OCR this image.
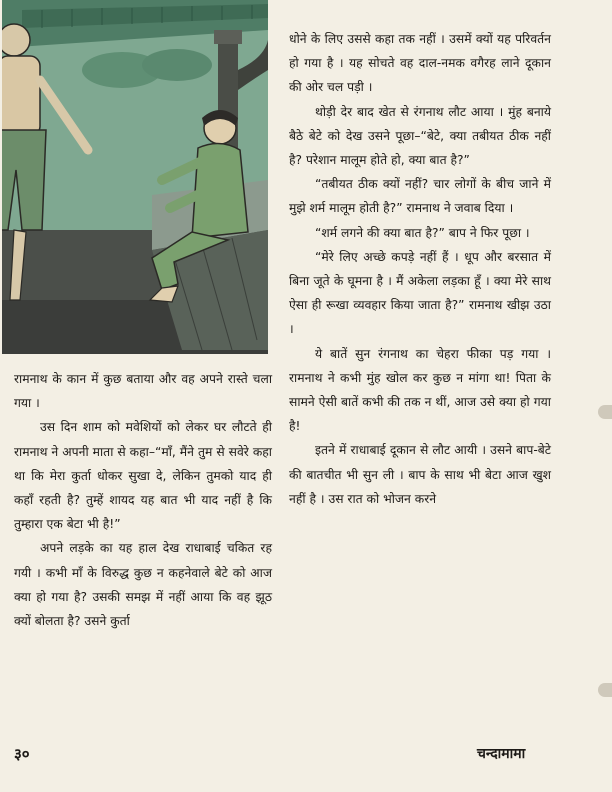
रामनाथ के कान में कुछ बताया और वह अपने रास्ते चला गया ।

उस दिन शाम को मवेशियों को लेकर घर लौटते ही रामनाथ ने अपनी माता से कहा–“माँ, मैंने तुम से सवेरे कहा था कि मेरा कुर्ता धोकर सुखा दे, लेकिन तुमको याद ही कहाँ रहती है? तुम्हें शायद यह बात भी याद नहीं है कि तुम्हारा एक बेटा भी है!”

अपने लड़के का यह हाल देख राधाबाई चकित रह गयी । कभी माँ के विरुद्ध कुछ न कहनेवाले बेटे को आज क्या हो गया है? उसकी समझ में नहीं आया कि वह झूठ क्यों बोलता है? उसने कुर्ता

धोने के लिए उससे कहा तक नहीं । उसमें क्यों यह परिवर्तन हो गया है । यह सोचते वह दाल-नमक वगैरह लाने दूकान की ओर चल पड़ी ।

थोड़ी देर बाद खेत से रंगनाथ लौट आया । मुंह बनाये बैठे बेटे को देख उसने पूछा–“बेटे, क्या तबीयत ठीक नहीं है? परेशान मालूम होते हो, क्या बात है?”

“तबीयत ठीक क्यों नहीं? चार लोगों के बीच जाने में मुझे शर्म मालूम होती है?” रामनाथ ने जवाब दिया ।

“शर्म लगने की क्या बात है?” बाप ने फिर पूछा ।

“मेरे लिए अच्छे कपड़े नहीं हैं । धूप और बरसात में बिना जूते के घूमना है । मैं अकेला लड़का हूँ । क्या मेरे साथ ऐसा ही रूखा व्यवहार किया जाता है?” रामनाथ खीझ उठा ।

ये बातें सुन रंगनाथ का चेहरा फीका पड़ गया । रामनाथ ने कभी मुंह खोल कर कुछ न मांगा था! पिता के सामने ऐसी बातें कभी की तक न थीं, आज उसे क्या हो गया है!

इतने में राधाबाई दूकान से लौट आयी । उसने बाप-बेटे की बातचीत भी सुन ली । बाप के साथ भी बेटा आज खुश नहीं है । उस रात को भोजन करने

३०	चन्दामामा
